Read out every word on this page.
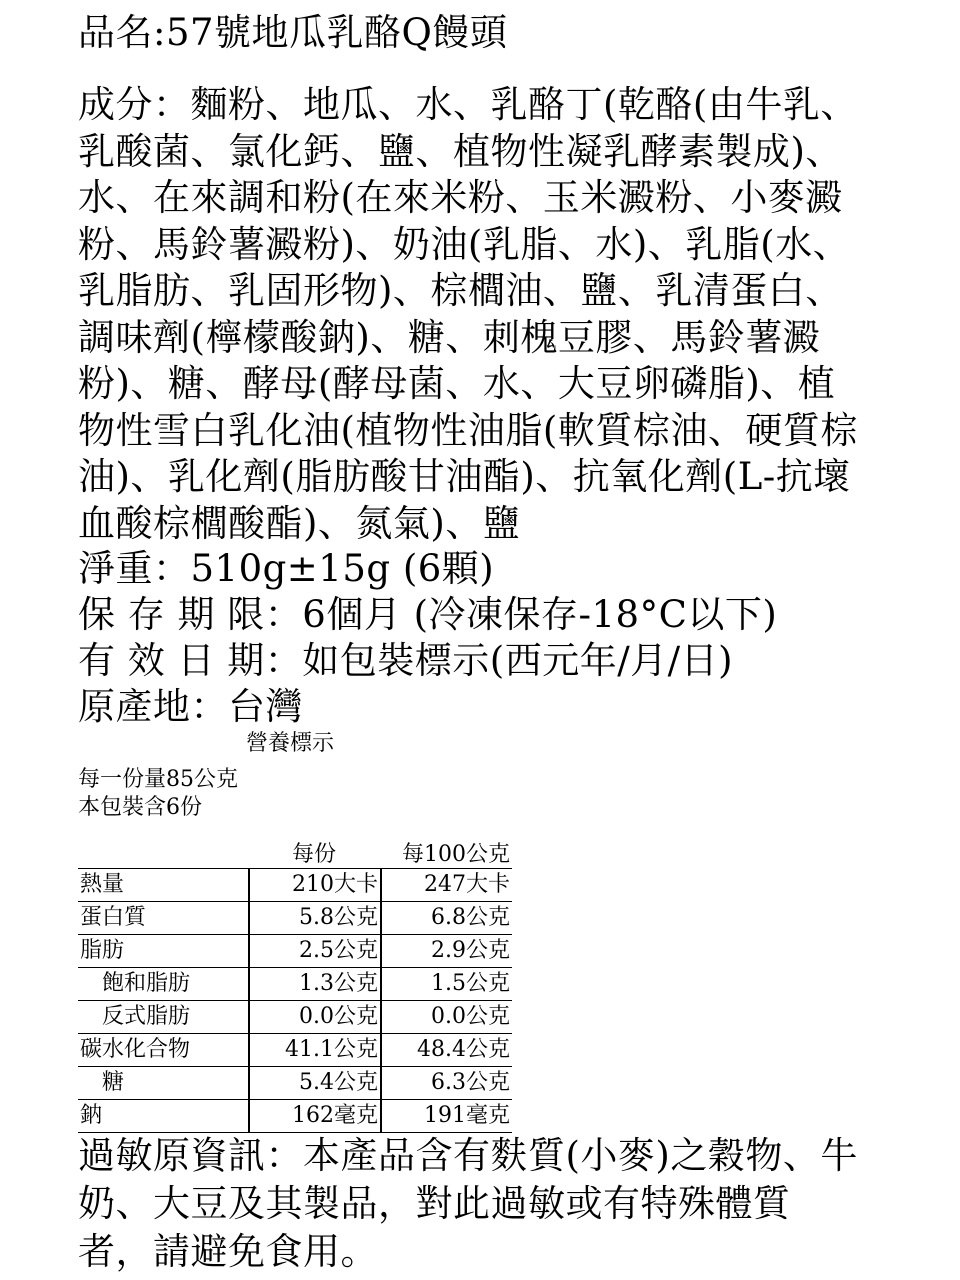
品名:57號地瓜乳酪Q饅頭
成分：麵粉、地瓜、水、乳酪丁(乾酪(由牛乳、
乳酸菌、氯化鈣、鹽、植物性凝乳酵素製成)、
水、在來調和粉(在來米粉、玉米澱粉、小麥澱
粉、馬鈴薯澱粉)、奶油(乳脂、水)、乳脂(水、
乳脂肪、乳固形物)、棕櫚油、鹽、乳清蛋白、
調味劑(檸檬酸鈉)、糖、刺槐豆膠、馬鈴薯澱
粉)、糖、酵母(酵母菌、水、大豆卵磷脂)、植
物性雪白乳化油(植物性油脂(軟質棕油、硬質棕
油)、乳化劑(脂肪酸甘油酯)、抗氧化劑(L-抗壞
血酸棕櫚酸酯)、氮氣)、鹽

淨重：510g±15g (6顆)

保 存 期 限：6個月 (冷凍保存-18°C以下)

有 效 日 期：如包裝標示(西元年/月/日)

原產地：台灣

營養標示

每一份量85公克

本包裝含6份

	每份	每100公克
熱量	210大卡	247大卡
蛋白質	5.8公克	6.8公克
脂肪	2.5公克	2.9公克
飽和脂肪	1.3公克	1.5公克
反式脂肪	0.0公克	0.0公克
碳水化合物	41.1公克	48.4公克
糖	5.4公克	6.3公克
鈉	162毫克	191毫克
過敏原資訊：本產品含有麩質(小麥)之穀物、牛
奶、大豆及其製品，對此過敏或有特殊體質
者，請避免食用。
